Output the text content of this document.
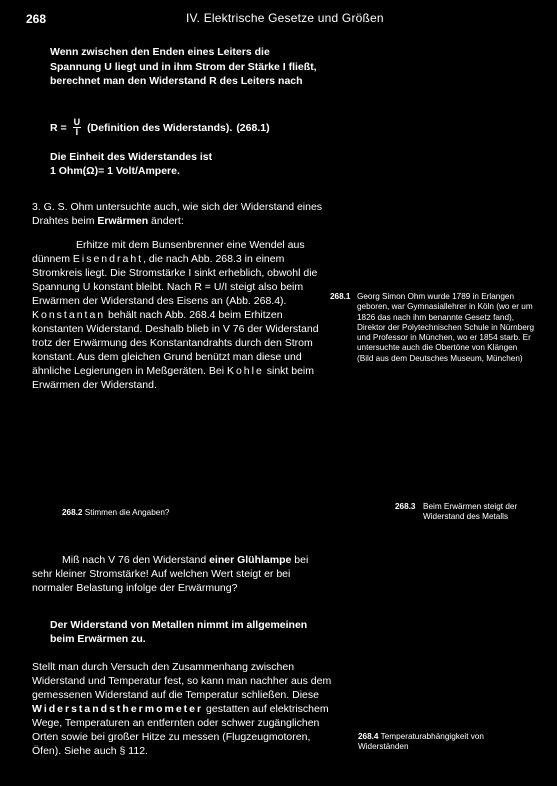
268	IV. Elektrische Gesetze und Größen
Wenn zwischen den Enden eines Leiters die Spannung U liegt und in ihm Strom der Stärke I fließt, berechnet man den Widerstand R des Leiters nach
$R = \frac{U}{I}$ (Definition des Widerstands). (268.1)
Die Einheit des Widerstandes ist
1 Ohm(Ω)= 1 Volt/Ampere.
3. G. S. Ohm untersuchte auch, wie sich der Widerstand eines Drahtes beim Erwärmen ändert:
Erhitze mit dem Bunsenbrenner eine Wendel aus dünnem Eisendraht, die nach Abb. 268.3 in einem Stromkreis liegt. Die Stromstärke I sinkt erheblich, obwohl die Spannung U konstant bleibt. Nach R = U/I steigt also beim Erwärmen der Widerstand des Eisens an (Abb. 268.4). Konstantan behält nach Abb. 268.4 beim Erhitzen konstanten Widerstand. Deshalb blieb in V 76 der Widerstand trotz der Erwärmung des Konstantandrahts durch den Strom konstant. Aus dem gleichen Grund benützt man diese und ähnliche Legierungen in Meßgeräten. Bei Kohle sinkt beim Erwärmen der Widerstand.
268.1 Georg Simon Ohm wurde 1789 in Erlangen geboren, war Gymnasiallehrer in Köln (wo er um 1826 das nach ihm benannte Gesetz fand), Direktor der Polytechnischen Schule in Nürnberg und Professor in München, wo er 1854 starb. Er untersuchte auch die Obertöne von Klängen (Bild aus dem Deutsches Museum, München)
268.2 Stimmen die Angaben?
268.3 Beim Erwärmen steigt der Widerstand des Metalls
Miß nach V 76 den Widerstand einer Glühlampe bei sehr kleiner Stromstärke! Auf welchen Wert steigt er bei normaler Belastung infolge der Erwärmung?
Der Widerstand von Metallen nimmt im allgemeinen beim Erwärmen zu.
Stellt man durch Versuch den Zusammenhang zwischen Widerstand und Temperatur fest, so kann man nachher aus dem gemessenen Widerstand auf die Temperatur schließen. Diese Widerstandsthermometer gestatten auf elektrischem Wege, Temperaturen an entfernten oder schwer zugänglichen Orten sowie bei großer Hitze zu messen (Flugzeugmotoren, Öfen). Siehe auch § 112.
268.4 Temperaturabhängigkeit von Widerständen
